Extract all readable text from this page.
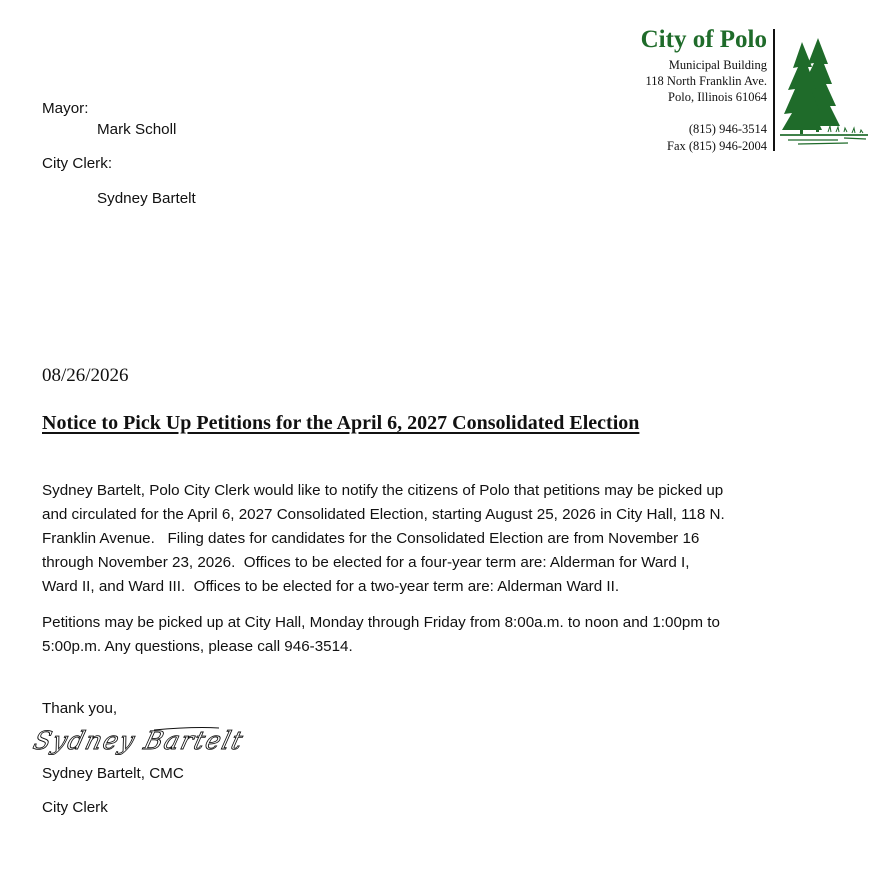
City of Polo
Municipal Building
118 North Franklin Ave.
Polo, Illinois 61064
(815) 946-3514
Fax (815) 946-2004
Mayor:
Mark Scholl
City Clerk:
Sydney Bartelt
08/26/2026
Notice to Pick Up Petitions for the April 6, 2027 Consolidated Election
Sydney Bartelt, Polo City Clerk would like to notify the citizens of Polo that petitions may be picked up
and circulated for the April 6, 2027 Consolidated Election, starting August 25, 2026 in City Hall, 118 N.
Franklin Avenue.   Filing dates for candidates for the Consolidated Election are from November 16
through November 23, 2026.  Offices to be elected for a four-year term are: Alderman for Ward I,
Ward II, and Ward III.  Offices to be elected for a two-year term are: Alderman Ward II.
Petitions may be picked up at City Hall, Monday through Friday from 8:00a.m. to noon and 1:00pm to
5:00p.m. Any questions, please call 946-3514.
Thank you,
Sydney Bartelt
Sydney Bartelt, CMC
City Clerk
